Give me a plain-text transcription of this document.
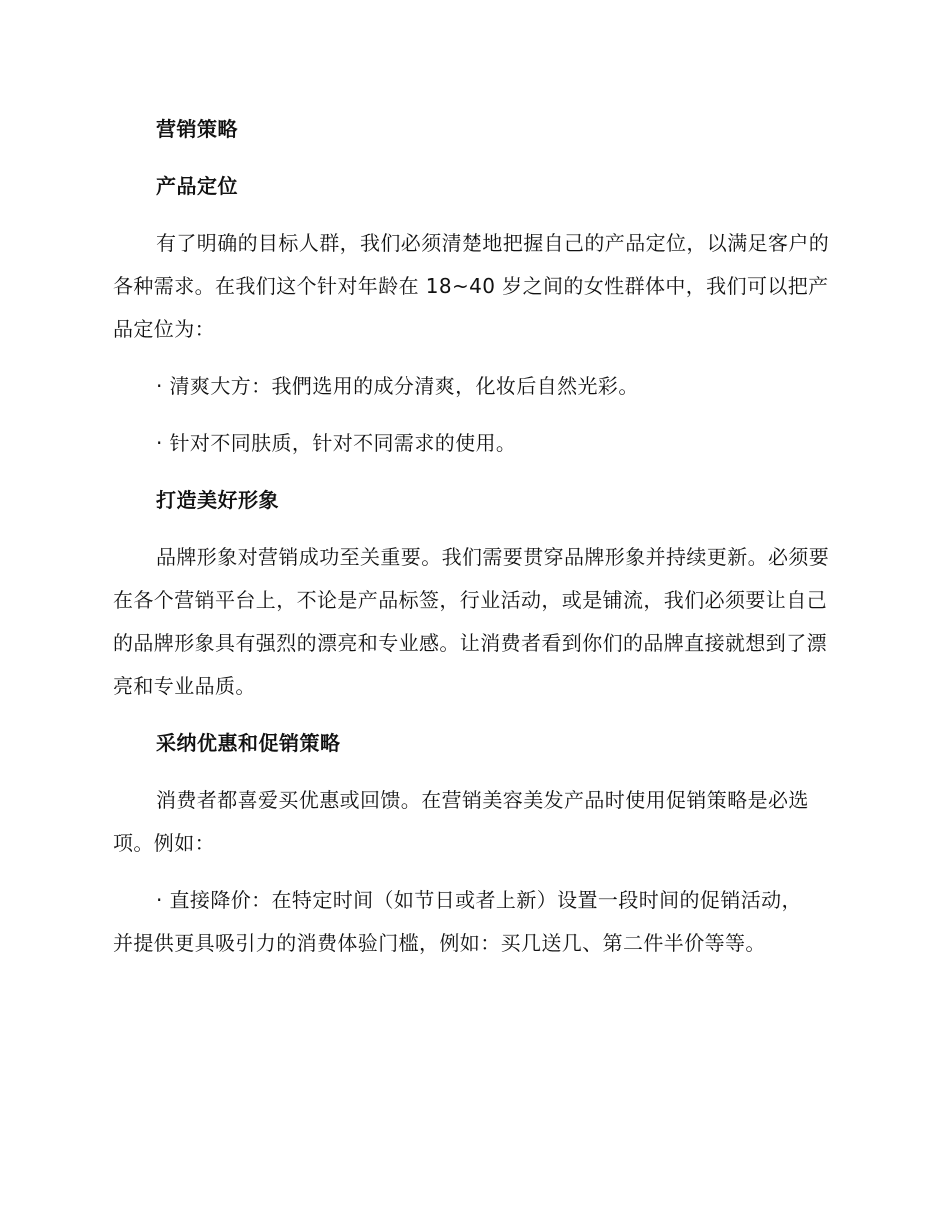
营销策略
产品定位
有了明确的目标人群，我们必须清楚地把握自己的产品定位，以满足客户的各种需求。在我们这个针对年龄在 18~40 岁之间的女性群体中，我们可以把产品定位为：
· 清爽大方：我們选用的成分清爽，化妆后自然光彩。
· 针对不同肤质，针对不同需求的使用。
打造美好形象
品牌形象对营销成功至关重要。我们需要贯穿品牌形象并持续更新。必须要在各个营销平台上，不论是产品标签，行业活动，或是铺流，我们必须要让自己的品牌形象具有强烈的漂亮和专业感。让消费者看到你们的品牌直接就想到了漂亮和专业品质。
采纳优惠和促销策略
消费者都喜爱买优惠或回馈。在营销美容美发产品时使用促销策略是必选项。例如：
· 直接降价：在特定时间（如节日或者上新）设置一段时间的促销活动，并提供更具吸引力的消费体验门槛，例如：买几送几、第二件半价等等。
